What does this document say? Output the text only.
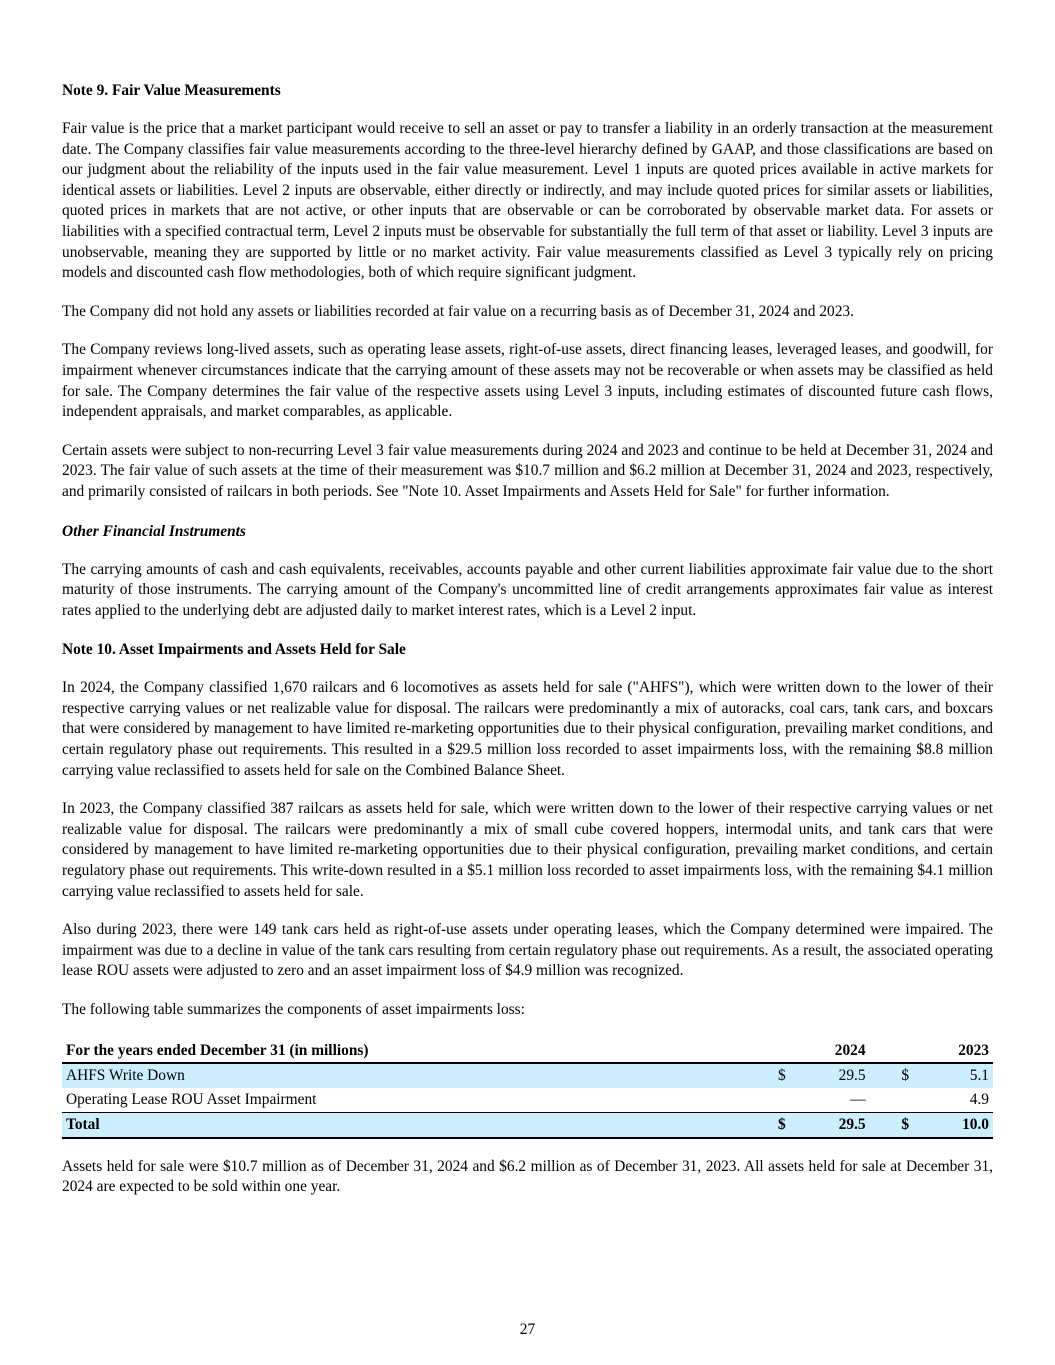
Note 9. Fair Value Measurements

Fair value is the price that a market participant would receive to sell an asset or pay to transfer a liability in an orderly transaction at the measurement date. The Company classifies fair value measurements according to the three-level hierarchy defined by GAAP, and those classifications are based on our judgment about the reliability of the inputs used in the fair value measurement. Level 1 inputs are quoted prices available in active markets for identical assets or liabilities. Level 2 inputs are observable, either directly or indirectly, and may include quoted prices for similar assets or liabilities, quoted prices in markets that are not active, or other inputs that are observable or can be corroborated by observable market data. For assets or liabilities with a specified contractual term, Level 2 inputs must be observable for substantially the full term of that asset or liability. Level 3 inputs are unobservable, meaning they are supported by little or no market activity. Fair value measurements classified as Level 3 typically rely on pricing models and discounted cash flow methodologies, both of which require significant judgment.

The Company did not hold any assets or liabilities recorded at fair value on a recurring basis as of December 31, 2024 and 2023.

The Company reviews long-lived assets, such as operating lease assets, right-of-use assets, direct financing leases, leveraged leases, and goodwill, for impairment whenever circumstances indicate that the carrying amount of these assets may not be recoverable or when assets may be classified as held for sale. The Company determines the fair value of the respective assets using Level 3 inputs, including estimates of discounted future cash flows, independent appraisals, and market comparables, as applicable.

Certain assets were subject to non-recurring Level 3 fair value measurements during 2024 and 2023 and continue to be held at December 31, 2024 and 2023. The fair value of such assets at the time of their measurement was $10.7 million and $6.2 million at December 31, 2024 and 2023, respectively, and primarily consisted of railcars in both periods. See "Note 10. Asset Impairments and Assets Held for Sale" for further information.

Other Financial Instruments

The carrying amounts of cash and cash equivalents, receivables, accounts payable and other current liabilities approximate fair value due to the short maturity of those instruments. The carrying amount of the Company's uncommitted line of credit arrangements approximates fair value as interest rates applied to the underlying debt are adjusted daily to market interest rates, which is a Level 2 input.

Note 10. Asset Impairments and Assets Held for Sale

In 2024, the Company classified 1,670 railcars and 6 locomotives as assets held for sale ("AHFS"), which were written down to the lower of their respective carrying values or net realizable value for disposal. The railcars were predominantly a mix of autoracks, coal cars, tank cars, and boxcars that were considered by management to have limited re-marketing opportunities due to their physical configuration, prevailing market conditions, and certain regulatory phase out requirements. This resulted in a $29.5 million loss recorded to asset impairments loss, with the remaining $8.8 million carrying value reclassified to assets held for sale on the Combined Balance Sheet.

In 2023, the Company classified 387 railcars as assets held for sale, which were written down to the lower of their respective carrying values or net realizable value for disposal. The railcars were predominantly a mix of small cube covered hoppers, intermodal units, and tank cars that were considered by management to have limited re-marketing opportunities due to their physical configuration, prevailing market conditions, and certain regulatory phase out requirements. This write-down resulted in a $5.1 million loss recorded to asset impairments loss, with the remaining $4.1 million carrying value reclassified to assets held for sale.

Also during 2023, there were 149 tank cars held as right-of-use assets under operating leases, which the Company determined were impaired. The impairment was due to a decline in value of the tank cars resulting from certain regulatory phase out requirements. As a result, the associated operating lease ROU assets were adjusted to zero and an asset impairment loss of $4.9 million was recognized.

The following table summarizes the components of asset impairments loss:

For the years ended December 31 (in millions)		2024			2023
AHFS Write Down	$	29.5		$	5.1
Operating Lease ROU Asset Impairment		—			4.9
Total	$	29.5		$	10.0

Assets held for sale were $10.7 million as of December 31, 2024 and $6.2 million as of December 31, 2023. All assets held for sale at December 31, 2024 are expected to be sold within one year.

27
